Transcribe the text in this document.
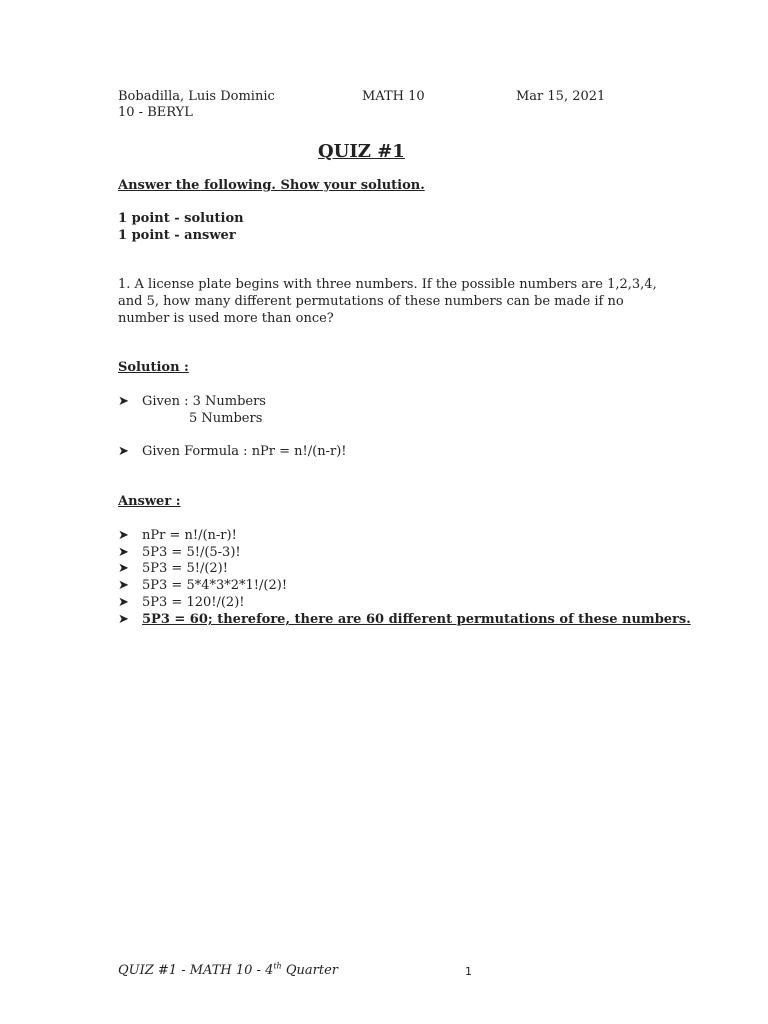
Bobadilla, Luis Dominic	MATH 10	Mar 15, 2021
10 - BERYL
QUIZ #1
Answer the following. Show your solution.
1 point - solution
1 point - answer
1. A license plate begins with three numbers. If the possible numbers are 1,2,3,4,
and 5, how many different permutations of these numbers can be made if no
number is used more than once?
Solution :
➤ Given : 3 Numbers
5 Numbers
➤ Given Formula : nPr = n!/(n-r)!
Answer :
➤ nPr = n!/(n-r)!
➤ 5P3 = 5!/(5-3)!
➤ 5P3 = 5!/(2)!
➤ 5P3 = 5*4*3*2*1!/(2)!
➤ 5P3 = 120!/(2)!
➤ 5P3 = 60; therefore, there are 60 different permutations of these numbers.
QUIZ #1 - MATH 10 - 4th Quarter	1
